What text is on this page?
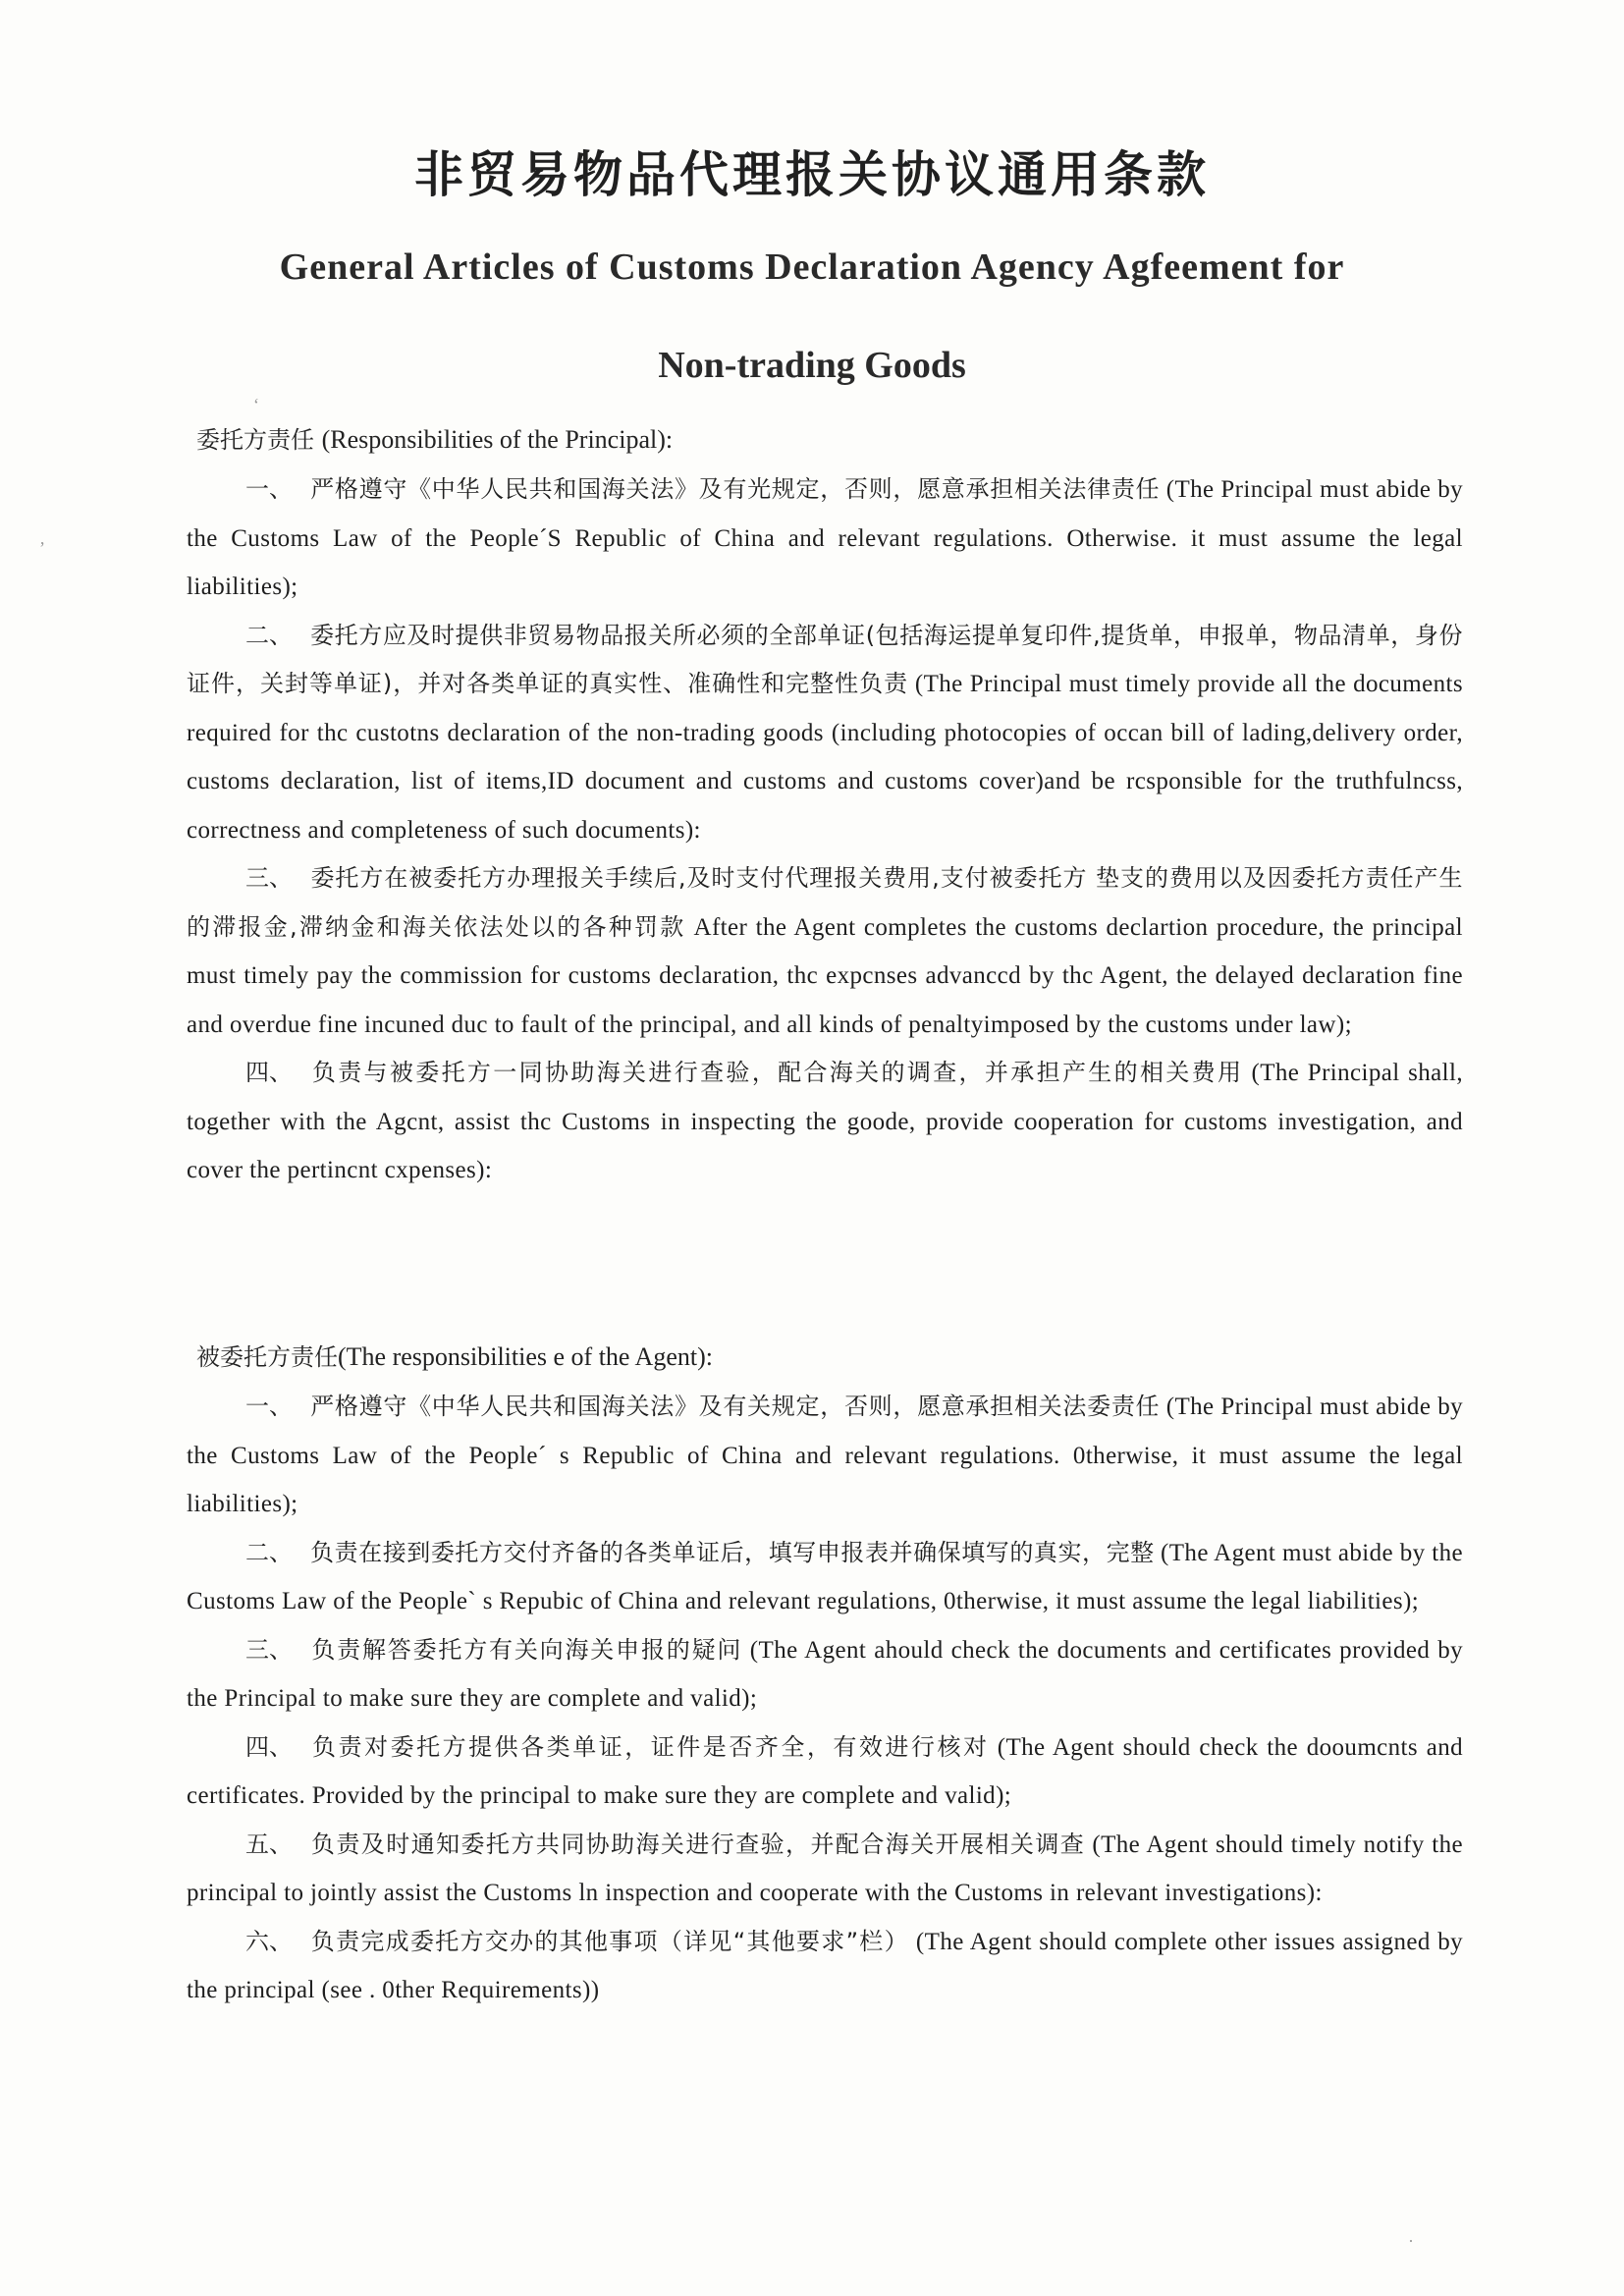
非贸易物品代理报关协议通用条款
General Articles of Customs Declaration Agency Agfeement for
Non-trading Goods
ʻ
ʼ
委托方责任 (Responsibilities of the Principal):

一、 严格遵守《中华人民共和国海关法》及有光规定，否则，愿意承担相关法律责任 (The Principal must abide by the Customs Law of the People´S Republic of China and relevant regulations. Otherwise. it must assume the legal liabilities);

二、 委托方应及时提供非贸易物品报关所必须的全部单证(包括海运提单复印件,提货单，申报单，物品清单，身份证件，关封等单证)，并对各类单证的真实性、准确性和完整性负责 (The Principal must timely provide all the documents required for thc custotns declaration of the non-trading goods (including photocopies of occan bill of lading,delivery order, customs declaration, list of items,ID document and customs and customs cover)and be rcsponsible for the truthfulncss, correctness and completeness of such documents):

三、 委托方在被委托方办理报关手续后,及时支付代理报关费用,支付被委托方 垫支的费用以及因委托方责任产生的滞报金,滞纳金和海关依法处以的各种罚款 After the Agent completes the customs declartion procedure, the principal must timely pay the commission for customs declaration, thc expcnses advanccd by thc Agent, the delayed declaration fine and overdue fine incuned duc to fault of the principal, and all kinds of penaltyimposed by the customs under law);

四、 负责与被委托方一同协助海关进行查验，配合海关的调查，并承担产生的相关费用 (The Principal shall, together with the Agcnt, assist thc Customs in inspecting the goode, provide cooperation for customs investigation, and cover the pertincnt cxpenses):

被委托方责任(The responsibilities e of the Agent):

一、 严格遵守《中华人民共和国海关法》及有关规定，否则，愿意承担相关法委责任 (The Principal must abide by the Customs Law of the People´ s Republic of China and relevant regulations. 0therwise, it must assume the legal liabilities);

二、 负责在接到委托方交付齐备的各类单证后，填写申报表并确保填写的真实，完整 (The Agent must abide by the Customs Law of the People` s Repubic of China and relevant regulations, 0therwise, it must assume the legal liabilities);

三、 负责解答委托方有关向海关申报的疑问 (The Agent ahould check the documents and certificates provided by the Principal to make sure they are complete and valid);

四、 负责对委托方提供各类单证，证件是否齐全，有效进行核对 (The Agent should check the dooumcnts and certificates. Provided by the principal to make sure they are complete and valid);

五、 负责及时通知委托方共同协助海关进行查验，并配合海关开展相关调查 (The Agent should timely notify the principal to jointly assist the Customs ln inspection and cooperate with the Customs in relevant investigations):

六、 负责完成委托方交办的其他事项（详见“其他要求”栏） (The Agent should complete other issues assigned by the principal (see . 0ther Requirements))

·
